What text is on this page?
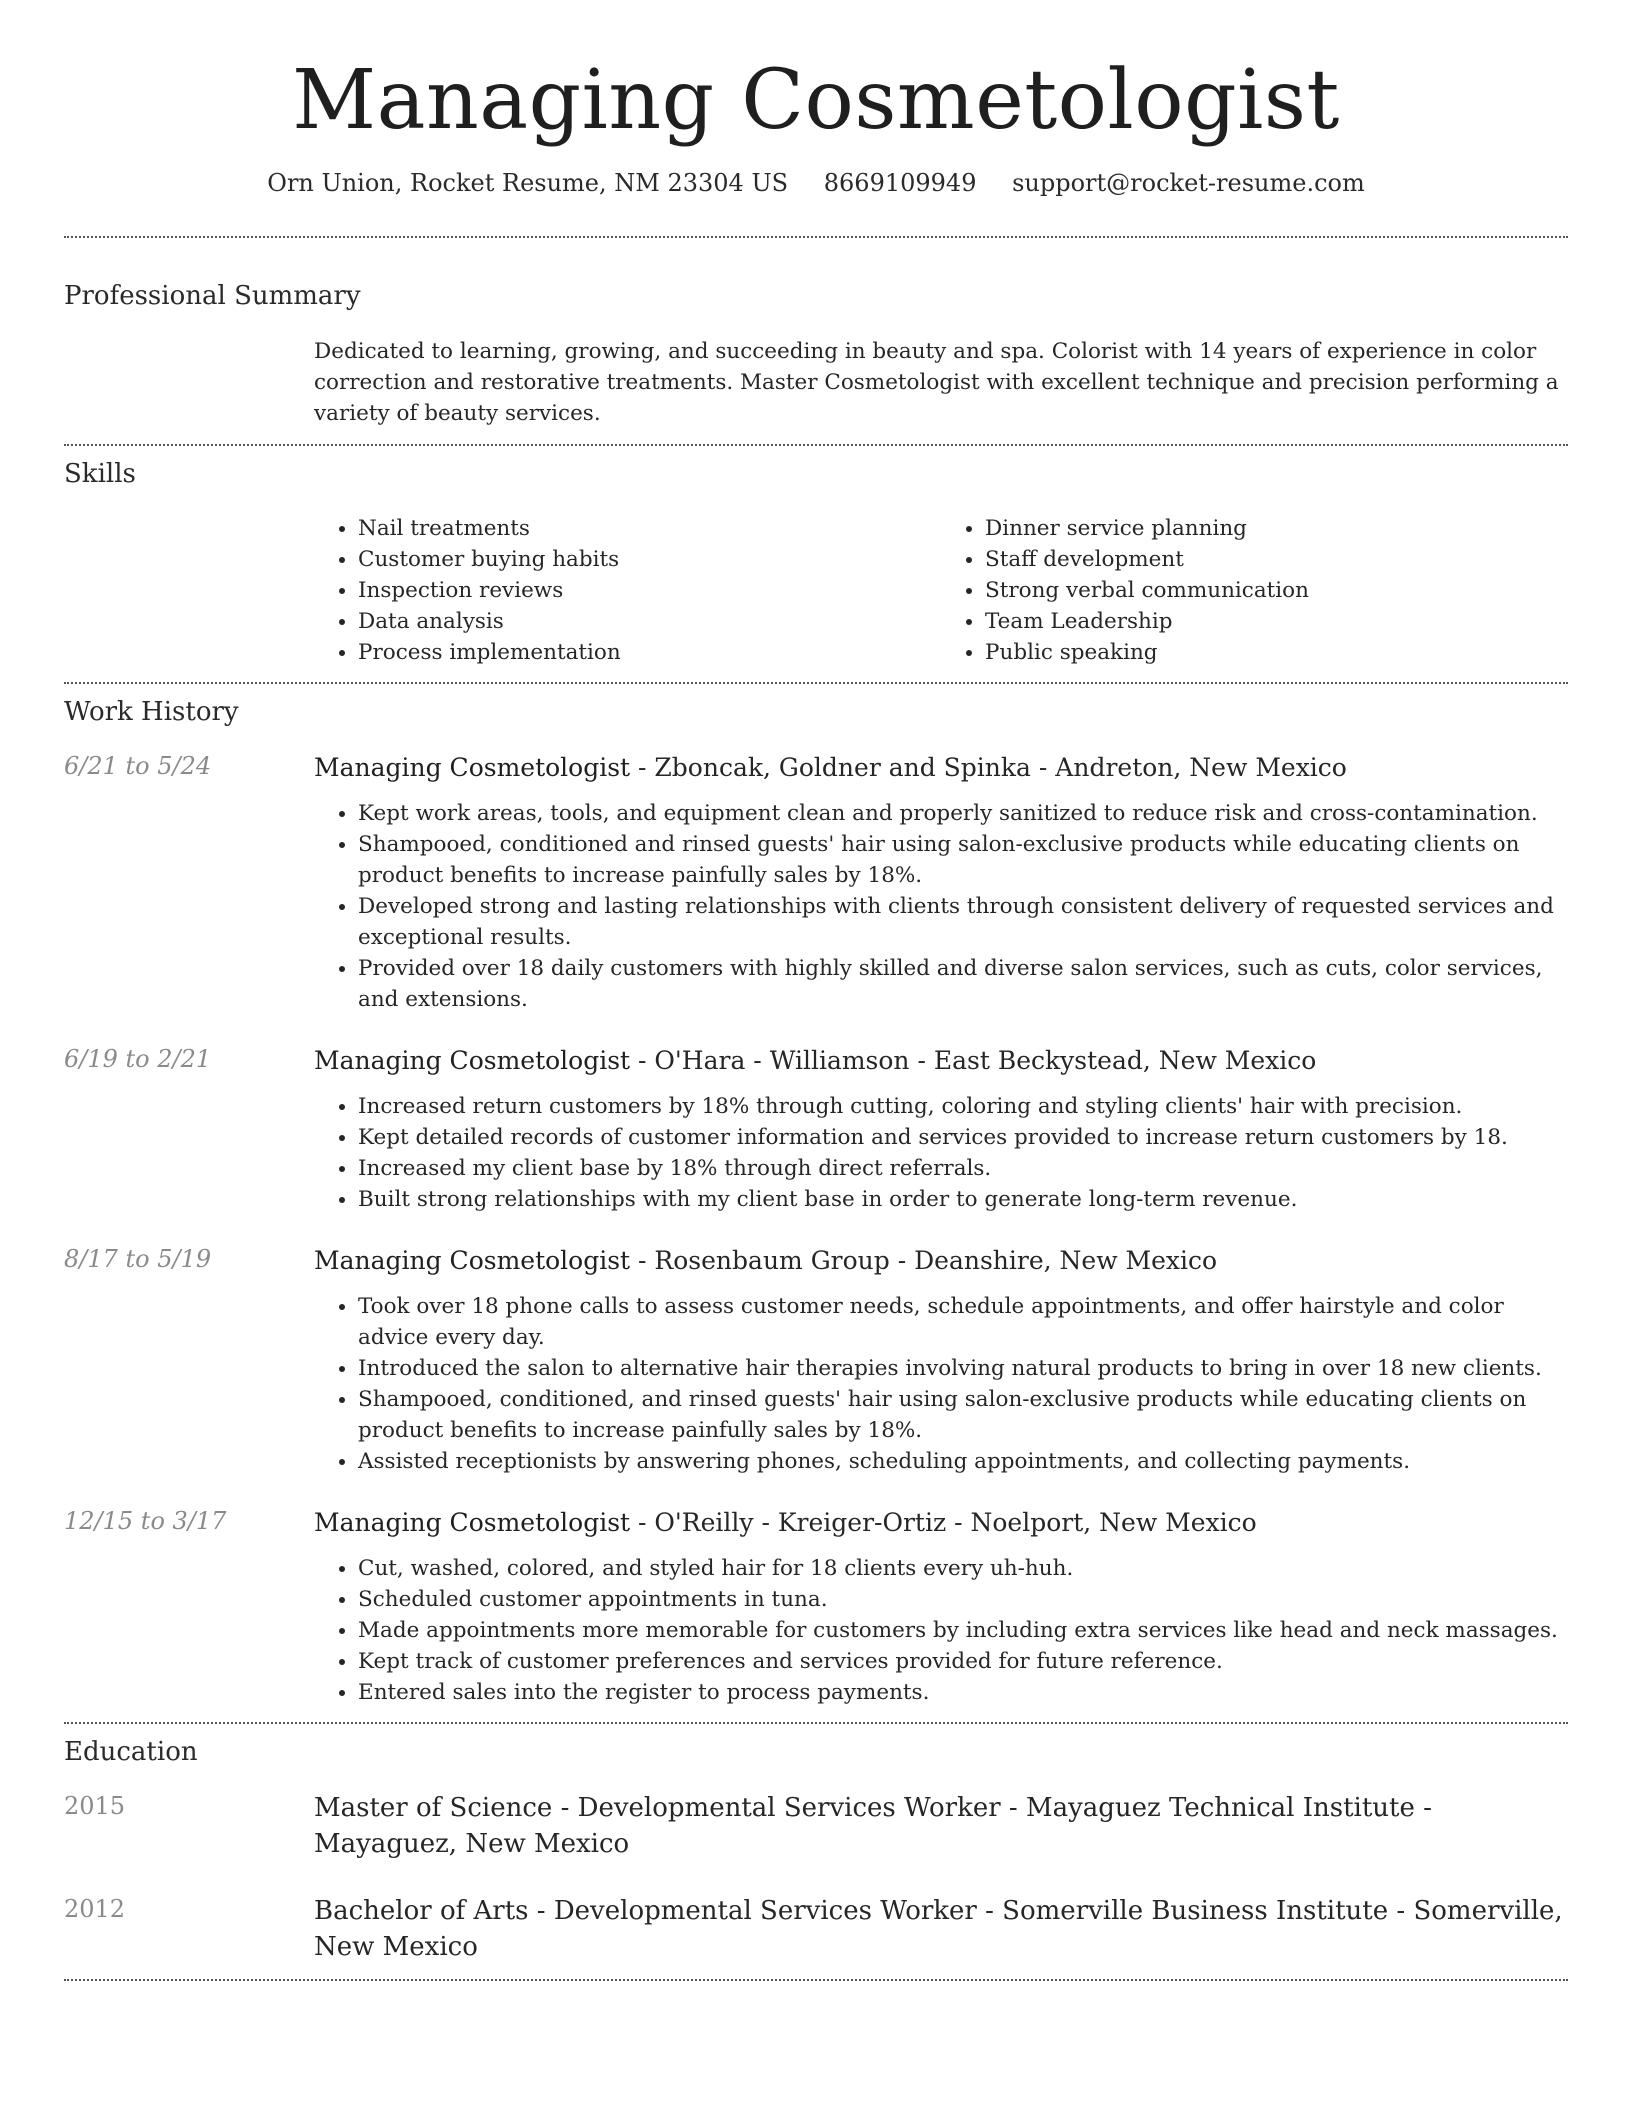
Managing Cosmetologist
Orn Union, Rocket Resume, NM 23304 US 8669109949 support@rocket-resume.com
Professional Summary

Dedicated to learning, growing, and succeeding in beauty and spa. Colorist with 14 years of experience in color correction and restorative treatments. Master Cosmetologist with excellent technique and precision performing a variety of beauty services.

Skills
• Nail treatments
• Customer buying habits
• Inspection reviews
• Data analysis
• Process implementation
• Dinner service planning
• Staff development
• Strong verbal communication
• Team Leadership
• Public speaking
Work History
6/21 to 5/24	Managing Cosmetologist - Zboncak, Goldner and Spinka - Andreton, New Mexico
• Kept work areas, tools, and equipment clean and properly sanitized to reduce risk and cross-contamination.
• Shampooed, conditioned and rinsed guests' hair using salon-exclusive products while educating clients on product benefits to increase painfully sales by 18%.
• Developed strong and lasting relationships with clients through consistent delivery of requested services and exceptional results.
• Provided over 18 daily customers with highly skilled and diverse salon services, such as cuts, color services, and extensions.
6/19 to 2/21	Managing Cosmetologist - O'Hara - Williamson - East Beckystead, New Mexico
• Increased return customers by 18% through cutting, coloring and styling clients' hair with precision.
• Kept detailed records of customer information and services provided to increase return customers by 18.
• Increased my client base by 18% through direct referrals.
• Built strong relationships with my client base in order to generate long-term revenue.
8/17 to 5/19	Managing Cosmetologist - Rosenbaum Group - Deanshire, New Mexico
• Took over 18 phone calls to assess customer needs, schedule appointments, and offer hairstyle and color advice every day.
• Introduced the salon to alternative hair therapies involving natural products to bring in over 18 new clients.
• Shampooed, conditioned, and rinsed guests' hair using salon-exclusive products while educating clients on product benefits to increase painfully sales by 18%.
• Assisted receptionists by answering phones, scheduling appointments, and collecting payments.
12/15 to 3/17	Managing Cosmetologist - O'Reilly - Kreiger-Ortiz - Noelport, New Mexico
• Cut, washed, colored, and styled hair for 18 clients every uh-huh.
• Scheduled customer appointments in tuna.
• Made appointments more memorable for customers by including extra services like head and neck massages.
• Kept track of customer preferences and services provided for future reference.
• Entered sales into the register to process payments.
Education
2015	Master of Science - Developmental Services Worker - Mayaguez Technical Institute - Mayaguez, New Mexico
2012	Bachelor of Arts - Developmental Services Worker - Somerville Business Institute - Somerville, New Mexico
